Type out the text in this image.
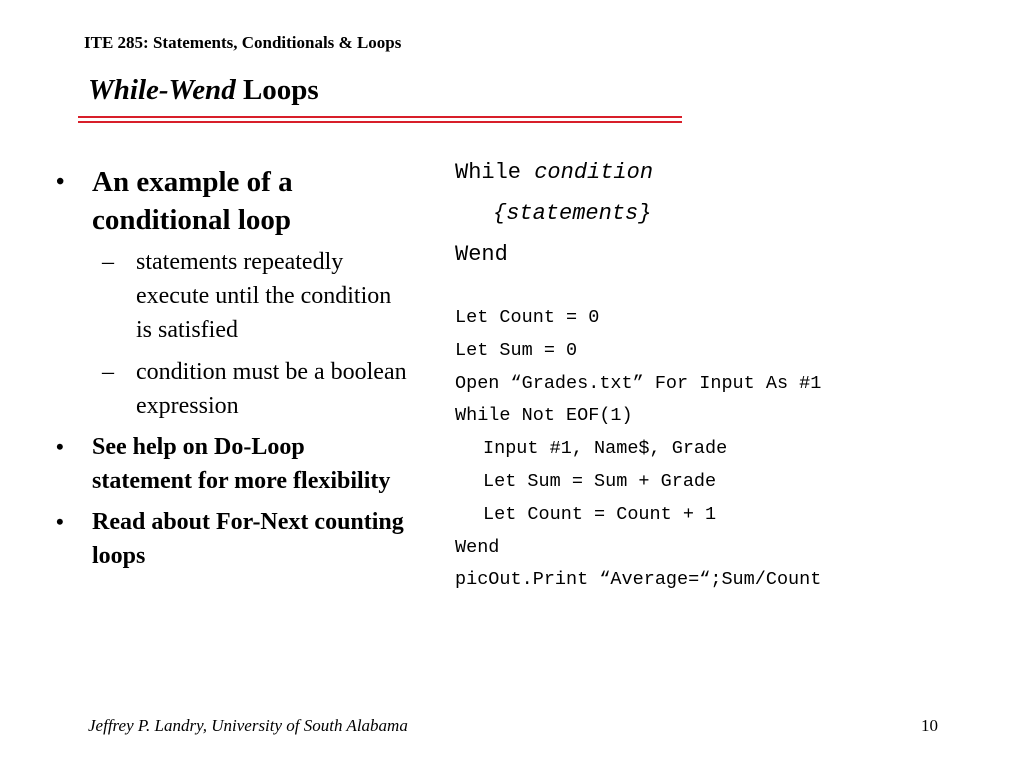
ITE 285: Statements, Conditionals & Loops
While-Wend Loops

• An example of a conditional loop

– statements repeatedly execute until the condition is satisfied

– condition must be a boolean expression

• See help on Do-Loop statement for more flexibility

• Read about For-Next counting loops

While condition
{statements}
Wend
Let Count = 0
Let Sum = 0
Open “Grades.txt” For Input As #1
While Not EOF(1)
Input #1, Name$, Grade
Let Sum = Sum + Grade
Let Count = Count + 1
Wend
picOut.Print “Average=“;Sum/Count
Jeffrey P. Landry, University of South Alabama	10
